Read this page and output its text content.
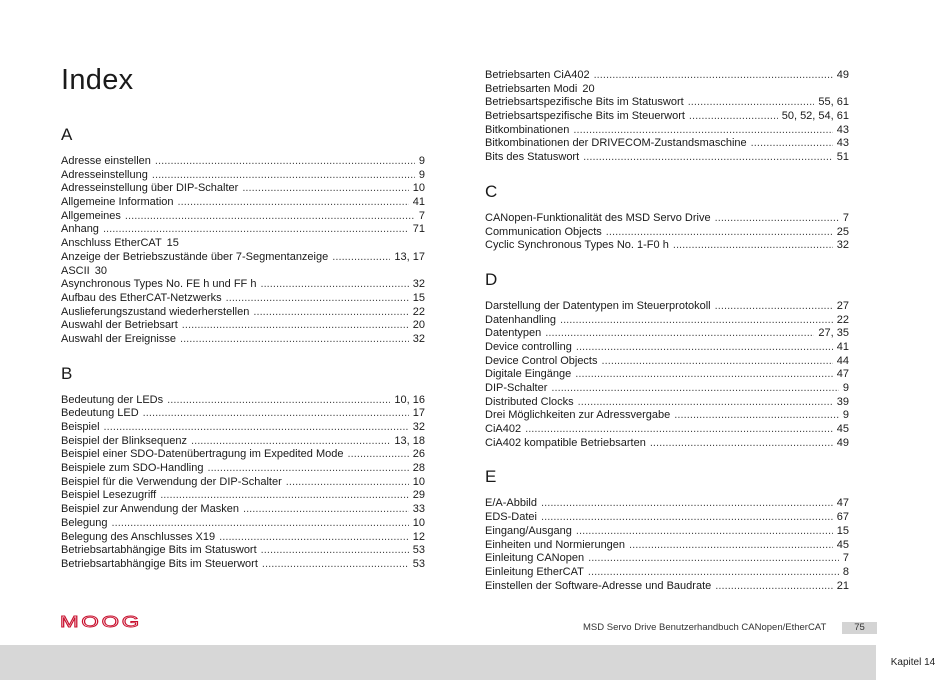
Index
A
Adresse einstellen . . .	9
Adresseinstellung . . .	9
Adresseinstellung über DIP-Schalter . . .	10
Allgemeine Information . . .	41
Allgemeines . . .	7
Anhang . . .	71
Anschluss EtherCAT 15
Anzeige der Betriebszustände über 7-Segmentanzeige . . .	13, 17
ASCII 30
Asynchronous Types No. FE h und FF h . . .	32
Aufbau des EtherCAT-Netzwerks . . .	15
Auslieferungszustand wiederherstellen . . .	22
Auswahl der Betriebsart . . .	20
Auswahl der Ereignisse . . .	32
B
Bedeutung der LEDs . . .	10, 16
Bedeutung LED . . .	17
Beispiel . . .	32
Beispiel der Blinksequenz . . .	13, 18
Beispiel einer SDO-Datenübertragung im Expedited Mode . . .	26
Beispiele zum SDO-Handling . . .	28
Beispiel für die Verwendung der DIP-Schalter . . .	10
Beispiel Lesezugriff . . .	29
Beispiel zur Anwendung der Masken . . .	33
Belegung . . .	10
Belegung des Anschlusses X19 . . .	12
Betriebsartabhängige Bits im Statuswort . . .	53
Betriebsartabhängige Bits im Steuerwort . . .	53
Betriebsarten CiA402 . . .	49
Betriebsarten Modi 20
Betriebsartspezifische Bits im Statuswort . . .	55, 61
Betriebsartspezifische Bits im Steuerwort . . .	50, 52, 54, 61
Bitkombinationen . . .	43
Bitkombinationen der DRIVECOM-Zustandsmaschine . . .	43
Bits des Statuswort . . .	51
C
CANopen-Funktionalität des MSD Servo Drive . . .	7
Communication Objects . . .	25
Cyclic Synchronous Types No. 1-F0 h . . .	32
D
Darstellung der Datentypen im Steuerprotokoll . . .	27
Datenhandling . . .	22
Datentypen . . .	27, 35
Device controlling . . .	41
Device Control Objects . . .	44
Digitale Eingänge . . .	47
DIP-Schalter . . .	9
Distributed Clocks . . .	39
Drei Möglichkeiten zur Adressvergabe . . .	9
CiA402 . . .	45
CiA402 kompatible Betriebsarten . . .	49
E
E/A-Abbild . . .	47
EDS-Datei . . .	67
Eingang/Ausgang . . .	15
Einheiten und Normierungen . . .	45
Einleitung CANopen . . .	7
Einleitung EtherCAT . . .	8
Einstellen der Software-Adresse und Baudrate . . .	21
MOOG	MSD Servo Drive Benutzerhandbuch CANopen/EtherCAT	75
Kapitel 14
